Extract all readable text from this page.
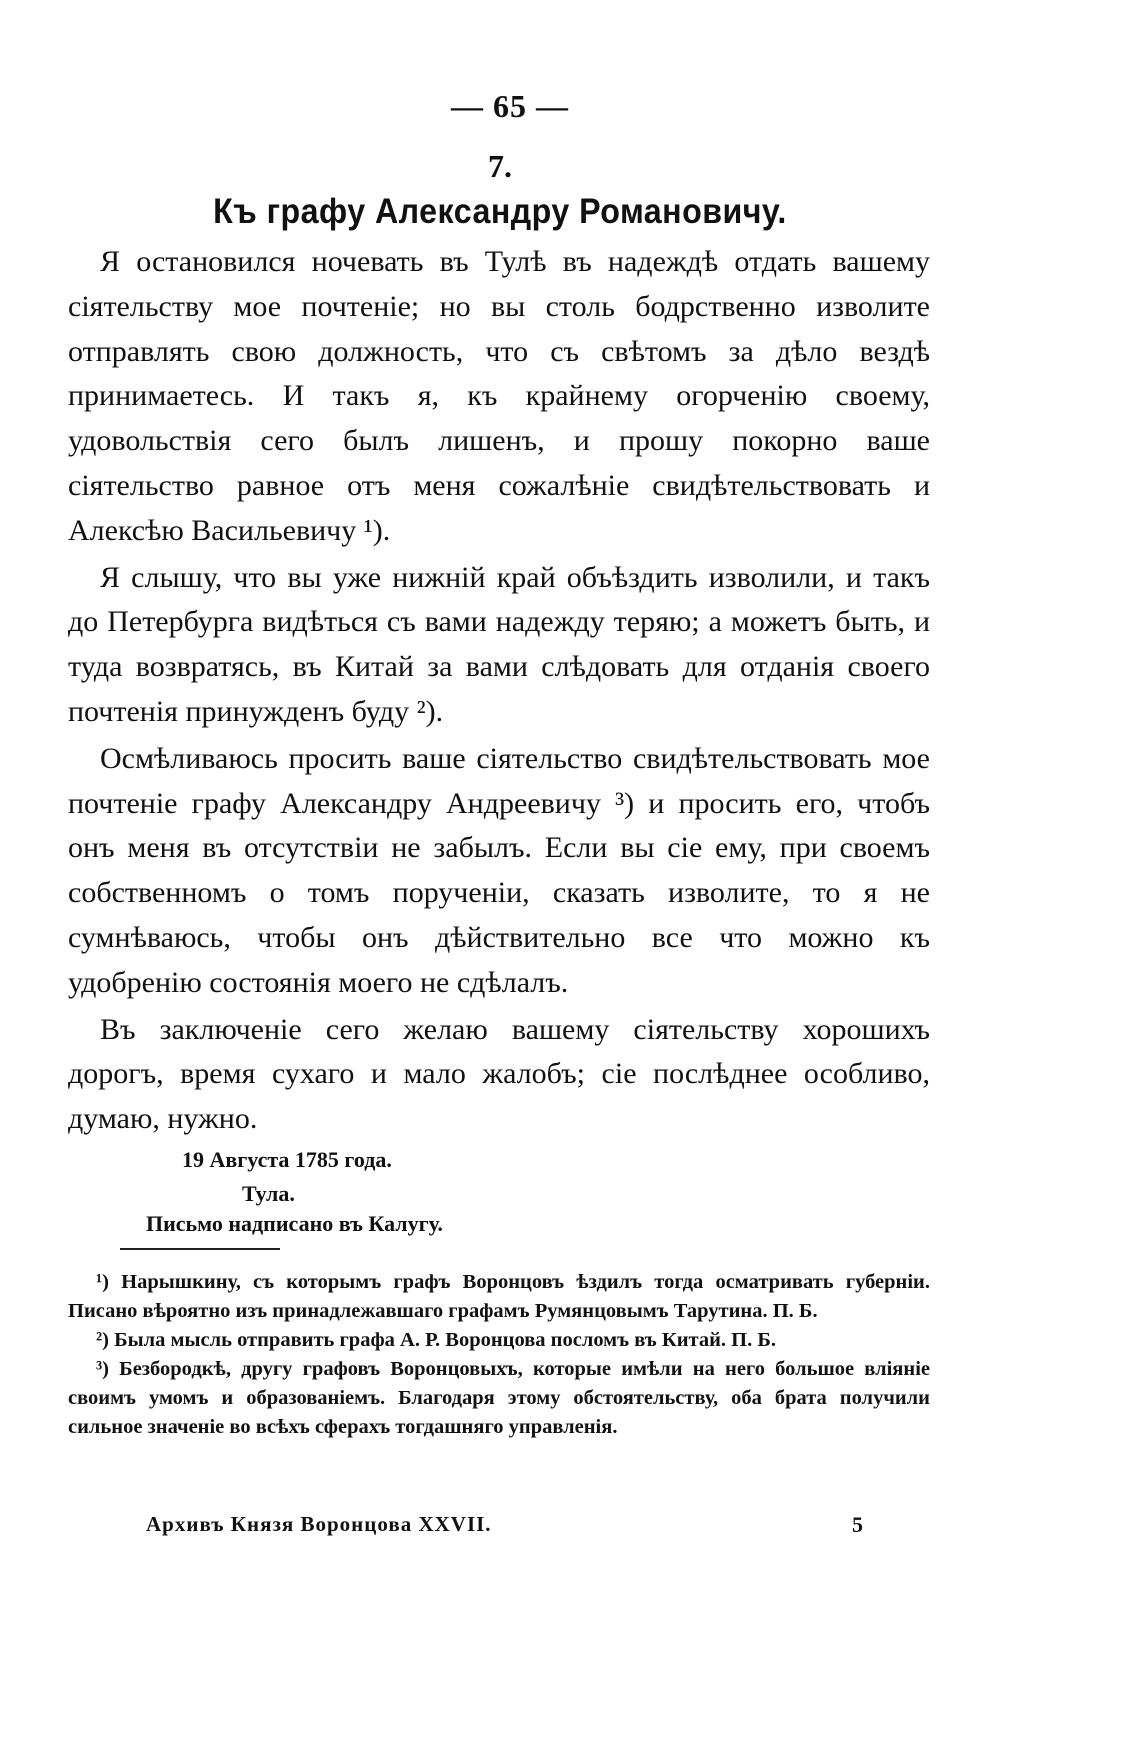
— 65 —
7.
Къ графу Александру Романовичу.

Я остановился ночевать въ Тулѣ въ надеждѣ отдать вашему сіятельству мое почтеніе; но вы столь бодрственно изволите отправлять свою должность, что съ свѣтомъ за дѣло вездѣ принимаетесь. И такъ я, къ крайнему огорченію своему, удовольствія сего былъ лишенъ, и прошу покорно ваше сіятельство равное отъ меня сожалѣніе свидѣтельствовать и Алексѣю Васильевичу ¹).

Я слышу, что вы уже нижній край объѣздить изволили, и такъ до Петербурга видѣться съ вами надежду теряю; а можетъ быть, и туда возвратясь, въ Китай за вами слѣдовать для отданія своего почтенія принужденъ буду ²).

Осмѣливаюсь просить ваше сіятельство свидѣтельствовать мое почтеніе графу Александру Андреевичу ³) и просить его, чтобъ онъ меня въ отсутствіи не забылъ. Если вы сіе ему, при своемъ собственномъ о томъ порученіи, сказать изволите, то я не сумнѣваюсь, чтобы онъ дѣйствительно все что можно къ удобренію состоянія моего не сдѣлалъ.

Въ заключеніе сего желаю вашему сіятельству хорошихъ дорогъ, время сухаго и мало жалобъ; сіе послѣднее особливо, думаю, нужно.

19 Августа 1785 года.
Тула.
Письмо надписано въ Калугу.

¹) Нарышкину, съ которымъ графъ Воронцовъ ѣздилъ тогда осматривать губерніи. Писано вѣроятно изъ принадлежавшаго графамъ Румянцовымъ Тарутина. П. Б.

²) Была мысль отправить графа А. Р. Воронцова посломъ въ Китай. П. Б.

³) Безбородкѣ, другу графовъ Воронцовыхъ, которые имѣли на него большое вліяніе своимъ умомъ и образованіемъ. Благодаря этому обстоятельству, оба брата получили сильное значеніе во всѣхъ сферахъ тогдашняго управленія.

Архивъ Князя Воронцова XXVII.	5
